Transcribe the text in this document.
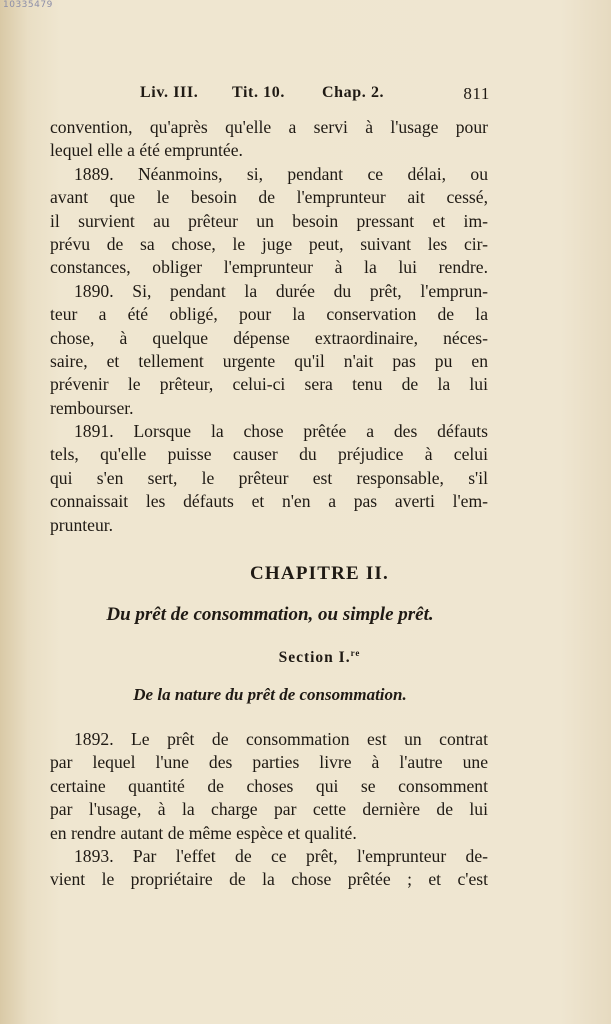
10335479
Liv. III. Tit. 10. Chap. 2.	811
convention, qu'après qu'elle a servi à l'usage pour
lequel elle a été empruntée.
1889. Néanmoins, si, pendant ce délai, ou
avant que le besoin de l'emprunteur ait cessé,
il survient au prêteur un besoin pressant et im-
prévu de sa chose, le juge peut, suivant les cir-
constances, obliger l'emprunteur à la lui rendre.
1890. Si, pendant la durée du prêt, l'emprun-
teur a été obligé, pour la conservation de la
chose, à quelque dépense extraordinaire, néces-
saire, et tellement urgente qu'il n'ait pas pu en
prévenir le prêteur, celui-ci sera tenu de la lui
rembourser.
1891. Lorsque la chose prêtée a des défauts
tels, qu'elle puisse causer du préjudice à celui
qui s'en sert, le prêteur est responsable, s'il
connaissait les défauts et n'en a pas averti l'em-
prunteur.
CHAPITRE II.
Du prêt de consommation, ou simple prêt.
Section I.$^{re}$
De la nature du prêt de consommation.
1892. Le prêt de consommation est un contrat
par lequel l'une des parties livre à l'autre une
certaine quantité de choses qui se consomment
par l'usage, à la charge par cette dernière de lui
en rendre autant de même espèce et qualité.
1893. Par l'effet de ce prêt, l'emprunteur de-
vient le propriétaire de la chose prêtée ; et c'est
